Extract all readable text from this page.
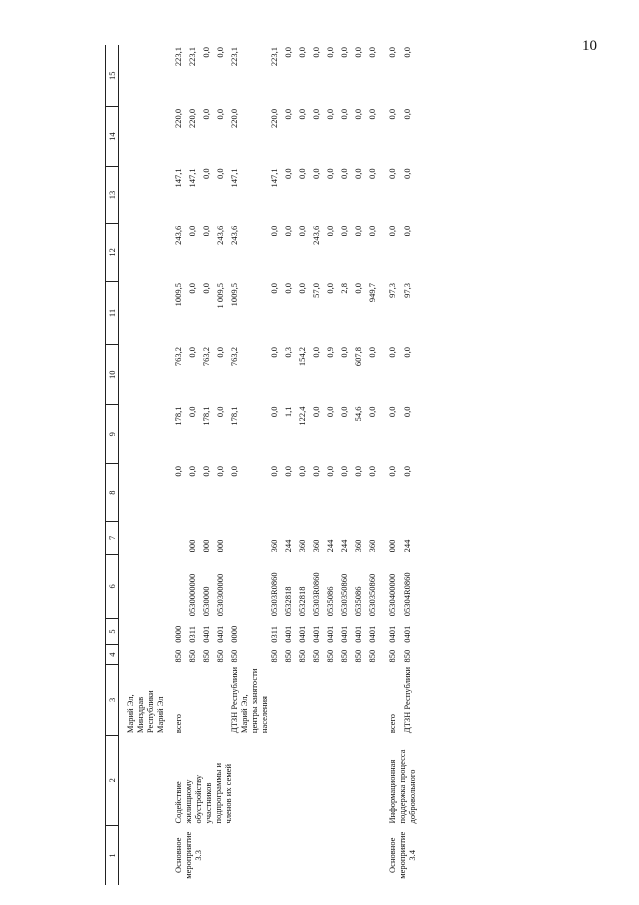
10
1	2	3	4	5	6	7	8	9	10	11	12	13	14	15
		Марий Эл, Минздрав Республики Марий Эл												
Основное мероприятие 3.3	Содействие жилищному обустройству участников подпрограммы и членов их семей	всего	850	0000			0,0	178,1	763,2	1009,5	243,6	147,1	220,0	223,1
			850	0311	0530000000	000	0,0	0,0	0,0	0,0	0,0	147,1	220,0	223,1
			850	0401	0530000	000	0,0	178,1	763,2	0,0	0,0	0,0	0,0	0,0
			850	0401	0530300000	000	0,0	0,0	0,0	1 009,5	243,6	0,0	0,0	0,0
		ДТЗН Республики Марий Эл, центры занятости населения	850	0000			0,0	178,1	763,2	1009,5	243,6	147,1	220,0	223,1
			850	0311	05303R0860	360	0,0	0,0	0,0	0,0	0,0	147,1	220,0	223,1
			850	0401	0532818	244	0,0	1,1	0,3	0,0	0,0	0,0	0,0	0,0
			850	0401	0532818	360	0,0	122,4	154,2	0,0	0,0	0,0	0,0	0,0
			850	0401	05303R0860	360	0,0	0,0	0,0	57,0	243,6	0,0	0,0	0,0
			850	0401	0535086	244	0,0	0,0	0,9	0,0	0,0	0,0	0,0	0,0
			850	0401	0530350860	244	0,0	0,0	0,0	2,8	0,0	0,0	0,0	0,0
			850	0401	0535086	360	0,0	54,6	607,8	0,0	0,0	0,0	0,0	0,0
			850	0401	0530350860	360	0,0	0,0	0,0	949,7	0,0	0,0	0,0	0,0

Основное мероприятие 3.4	Информационная поддержка процесса добровольного	всего	850	0401	0530400000	000	0,0	0,0	0,0	97,3	0,0	0,0	0,0	0,0
		ДТЗН Республики	850	0401	05304R0860	244	0,0	0,0	0,0	97,3	0,0	0,0	0,0	0,0
